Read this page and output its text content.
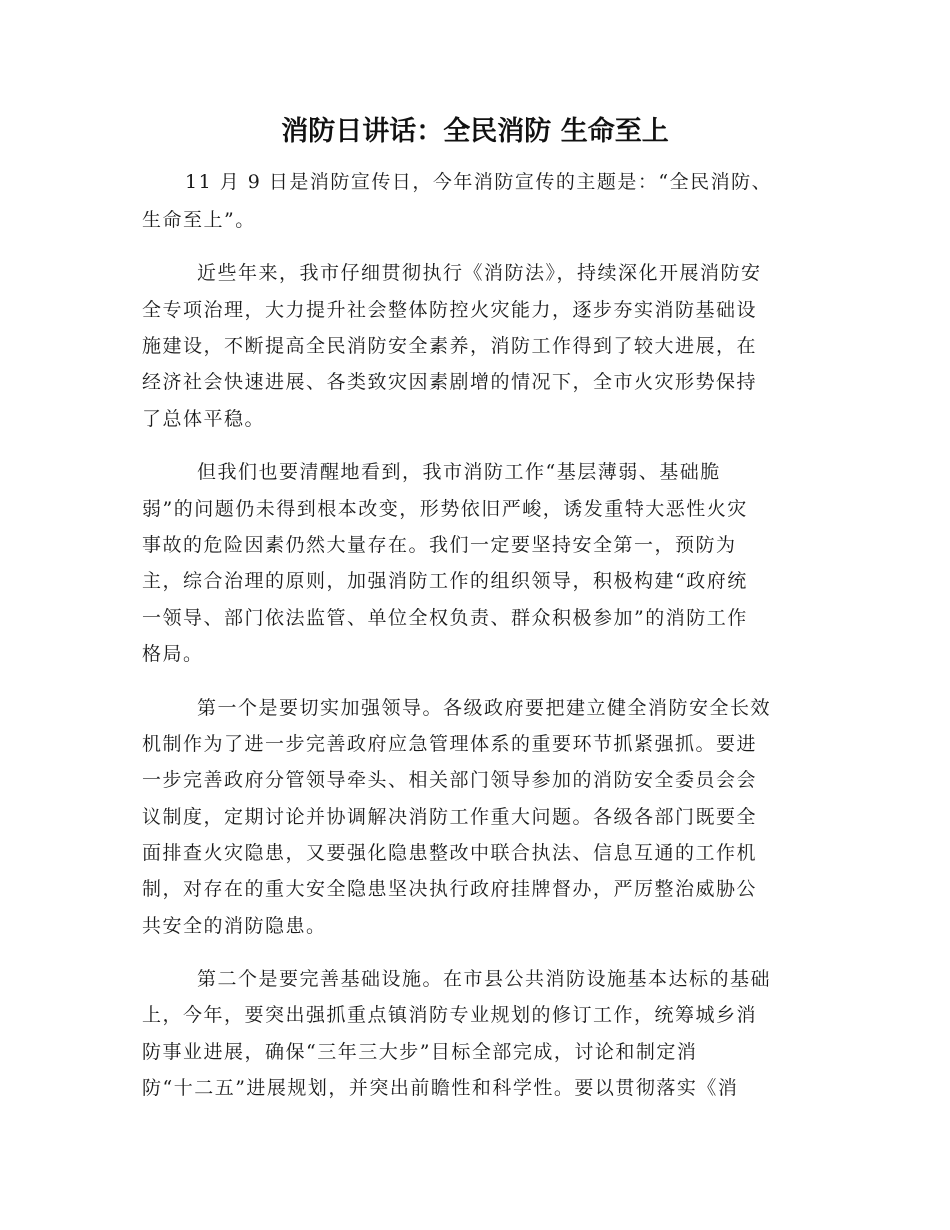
消防日讲话：全民消防 生命至上

11 月 9 日是消防宣传日，今年消防宣传的主题是：“全民消防、

生命至上”。

近些年来，我市仔细贯彻执行《消防法》，持续深化开展消防安

全专项治理，大力提升社会整体防控火灾能力，逐步夯实消防基础设

施建设，不断提高全民消防安全素养，消防工作得到了较大进展，在

经济社会快速进展、各类致灾因素剧增的情况下，全市火灾形势保持

了总体平稳。

但我们也要清醒地看到，我市消防工作“基层薄弱、基础脆

弱”的问题仍未得到根本改变，形势依旧严峻，诱发重特大恶性火灾

事故的危险因素仍然大量存在。我们一定要坚持安全第一，预防为

主，综合治理的原则，加强消防工作的组织领导，积极构建“政府统

一领导、部门依法监管、单位全权负责、群众积极参加”的消防工作

格局。

第一个是要切实加强领导。各级政府要把建立健全消防安全长效

机制作为了进一步完善政府应急管理体系的重要环节抓紧强抓。要进

一步完善政府分管领导牵头、相关部门领导参加的消防安全委员会会

议制度，定期讨论并协调解决消防工作重大问题。各级各部门既要全

面排查火灾隐患，又要强化隐患整改中联合执法、信息互通的工作机

制，对存在的重大安全隐患坚决执行政府挂牌督办，严厉整治威胁公

共安全的消防隐患。

第二个是要完善基础设施。在市县公共消防设施基本达标的基础

上，今年，要突出强抓重点镇消防专业规划的修订工作，统筹城乡消

防事业进展，确保“三年三大步”目标全部完成，讨论和制定消

防“十二五”进展规划，并突出前瞻性和科学性。要以贯彻落实《消
